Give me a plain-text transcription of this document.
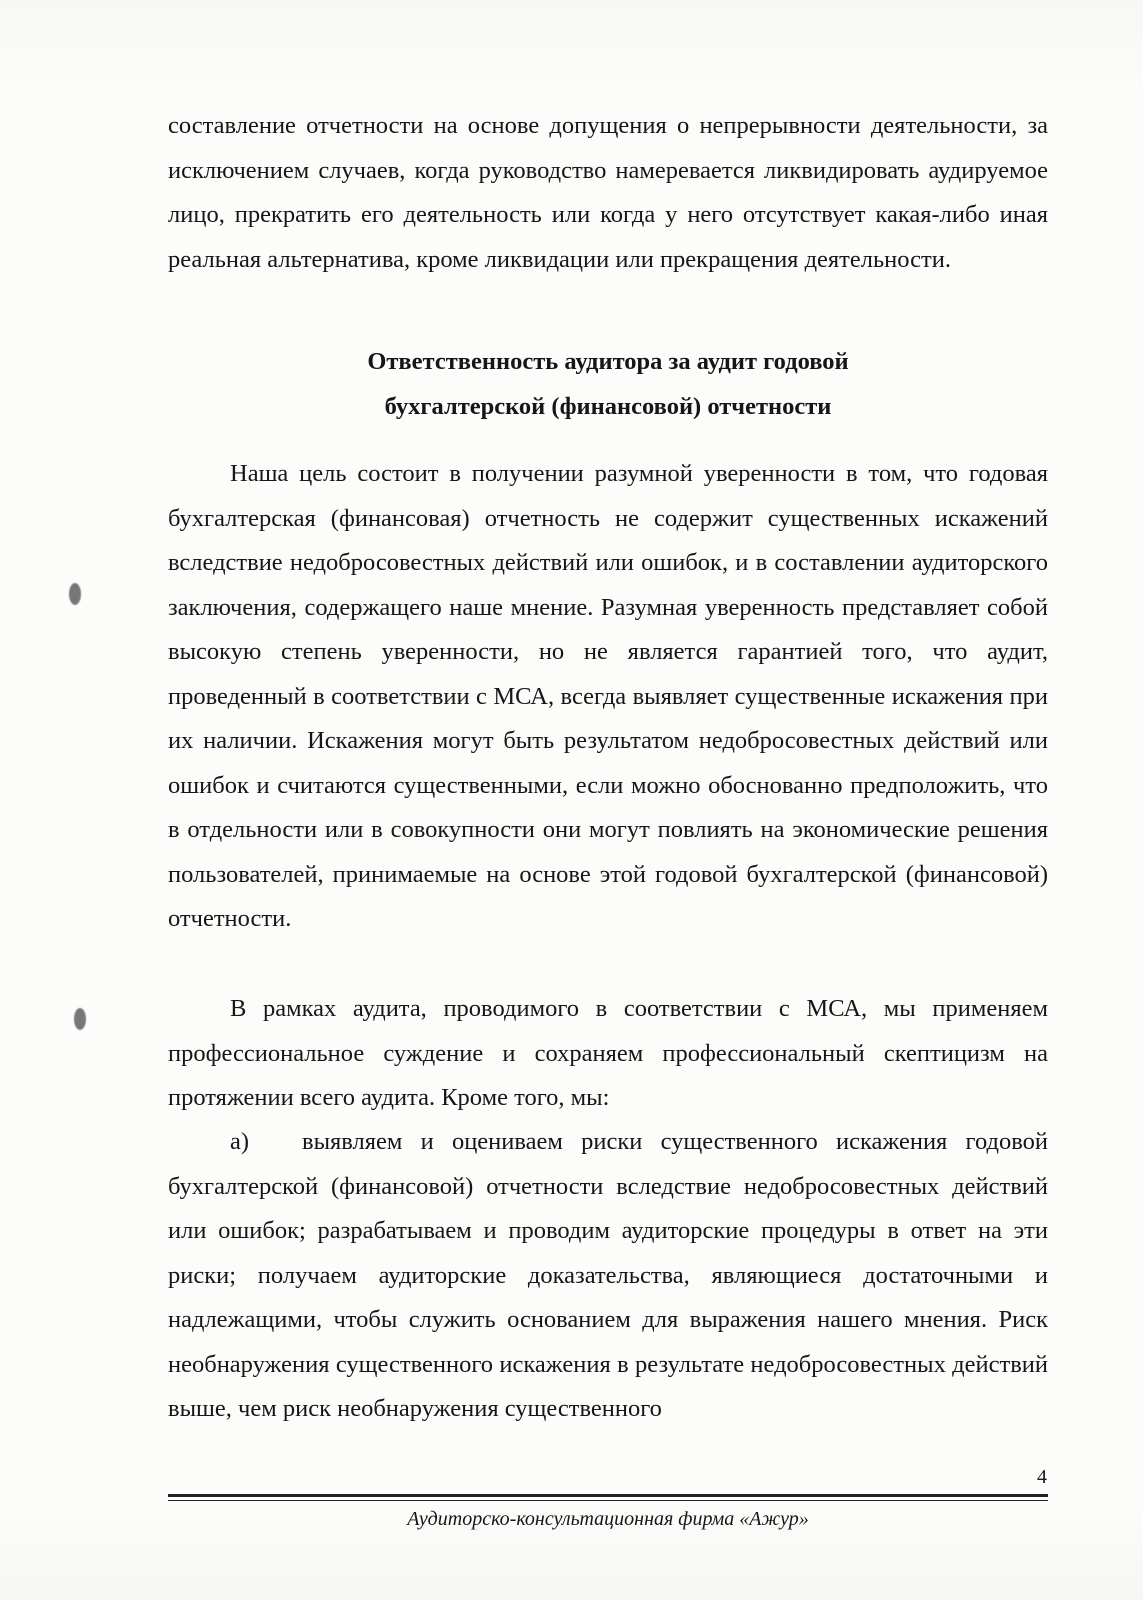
составление отчетности на основе допущения о непрерывности деятельности, за исключением случаев, когда руководство намеревается ликвидировать аудируемое лицо, прекратить его деятельность или когда у него отсутствует какая-либо иная реальная альтернатива, кроме ликвидации или прекращения деятельности.

Ответственность аудитора за аудит годовой
бухгалтерской (финансовой) отчетности

Наша цель состоит в получении разумной уверенности в том, что годовая бухгалтерская (финансовая) отчетность не содержит существенных искажений вследствие недобросовестных действий или ошибок, и в составлении аудиторского заключения, содержащего наше мнение. Разумная уверенность представляет собой высокую степень уверенности, но не является гарантией того, что аудит, проведенный в соответствии с МСА, всегда выявляет существенные искажения при их наличии. Искажения могут быть результатом недобросовестных действий или ошибок и считаются существенными, если можно обоснованно предположить, что в отдельности или в совокупности они могут повлиять на экономические решения пользователей, принимаемые на основе этой годовой бухгалтерской (финансовой) отчетности.

В рамках аудита, проводимого в соответствии с МСА, мы применяем профессиональное суждение и сохраняем профессиональный скептицизм на протяжении всего аудита. Кроме того, мы:

а) выявляем и оцениваем риски существенного искажения годовой бухгалтерской (финансовой) отчетности вследствие недобросовестных действий или ошибок; разрабатываем и проводим аудиторские процедуры в ответ на эти риски; получаем аудиторские доказательства, являющиеся достаточными и надлежащими, чтобы служить основанием для выражения нашего мнения. Риск необнаружения существенного искажения в результате недобросовестных действий выше, чем риск необнаружения существенного

4
Аудиторско-консультационная фирма «Ажур»
